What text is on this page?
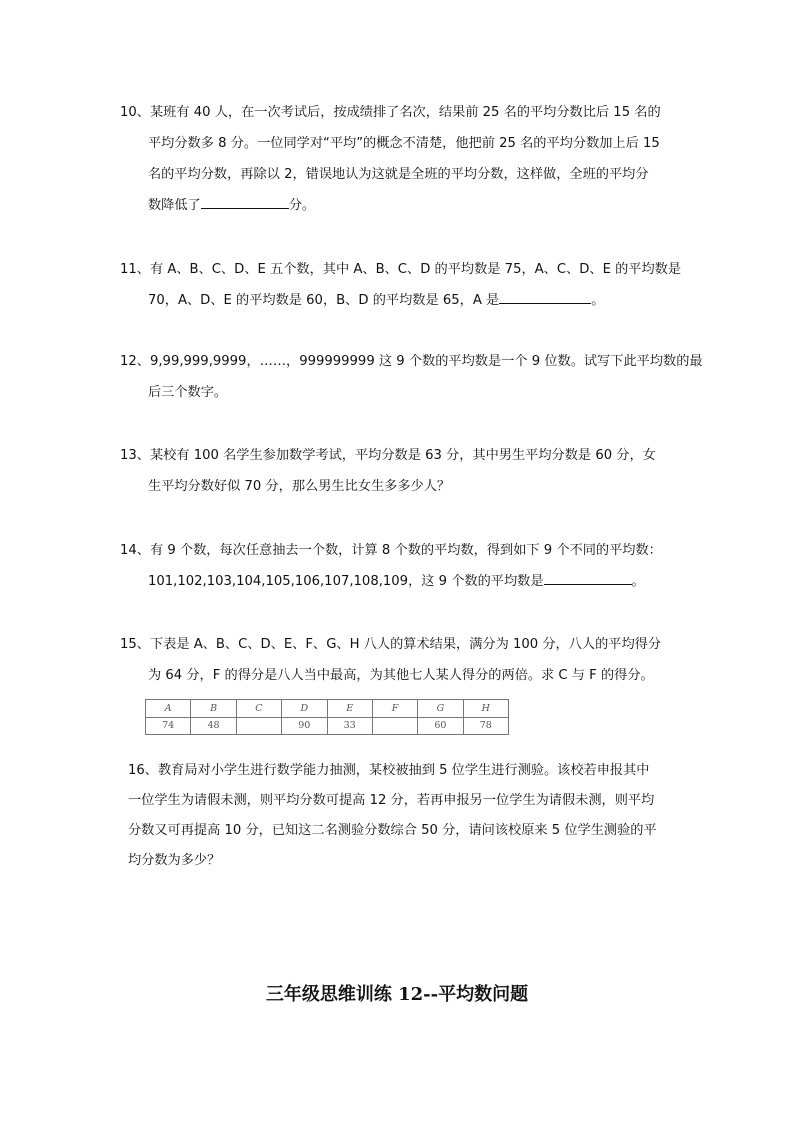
10、某班有 40 人，在一次考试后，按成绩排了名次，结果前 25 名的平均分数比后 15 名的
平均分数多 8 分。一位同学对“平均”的概念不清楚，他把前 25 名的平均分数加上后 15
名的平均分数，再除以 2，错误地认为这就是全班的平均分数，这样做，全班的平均分
数降低了	分。

11、有 A、B、C、D、E 五个数，其中 A、B、C、D 的平均数是 75，A、C、D、E 的平均数是
70，A、D、E 的平均数是 60，B、D 的平均数是 65，A 是	。

12、9,99,999,9999，……，999999999 这 9 个数的平均数是一个 9 位数。试写下此平均数的最
后三个数字。

13、某校有 100 名学生参加数学考试，平均分数是 63 分，其中男生平均分数是 60 分，女
生平均分数好似 70 分，那么男生比女生多多少人？

14、有 9 个数，每次任意抽去一个数，计算 8 个数的平均数，得到如下 9 个不同的平均数：
101,102,103,104,105,106,107,108,109，这 9 个数的平均数是	。

15、下表是 A、B、C、D、E、F、G、H 八人的算术结果，满分为 100 分，八人的平均得分
为 64 分，F 的得分是八人当中最高，为其他七人某人得分的两倍。求 C 与 F 的得分。

A	B	C	D	E	F	G	H
74	48		90	33		60	78

16、教育局对小学生进行数学能力抽测，某校被抽到 5 位学生进行测验。该校若申报其中
一位学生为请假未测，则平均分数可提高 12 分，若再申报另一位学生为请假未测，则平均
分数又可再提高 10 分，已知这二名测验分数综合 50 分，请问该校原来 5 位学生测验的平
均分数为多少？

三年级思维训练 12--平均数问题
